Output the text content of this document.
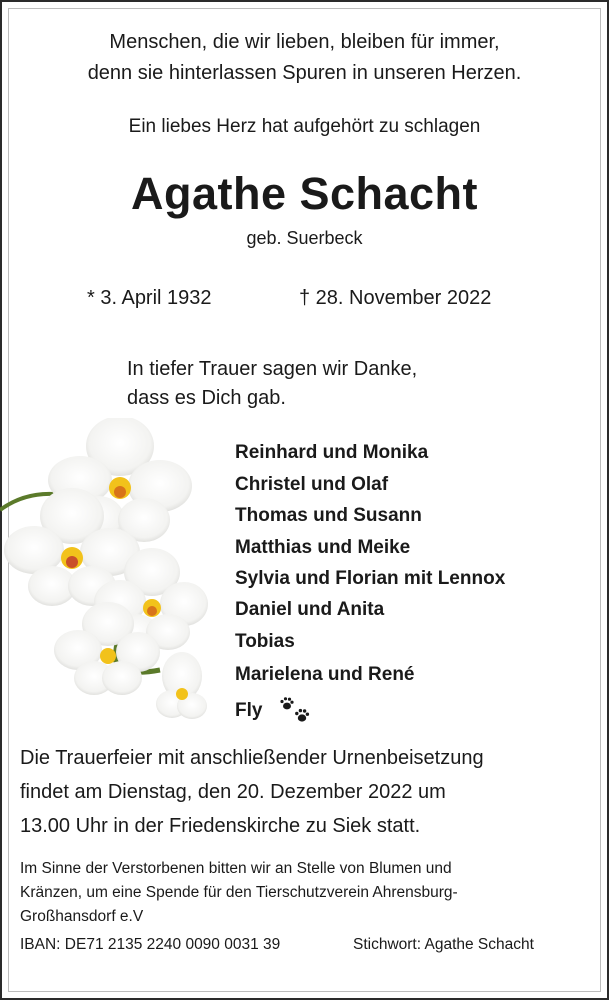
Menschen, die wir lieben, bleiben für immer,
denn sie hinterlassen Spuren in unseren Herzen.
Ein liebes Herz hat aufgehört zu schlagen
Agathe Schacht
geb. Suerbeck
* 3. April 1932	† 28. November 2022
In tiefer Trauer sagen wir Danke,
dass es Dich gab.
Reinhard und Monika
Christel und Olaf
Thomas und Susann
Matthias und Meike
Sylvia und Florian mit Lennox
Daniel und Anita
Tobias
Marielena und René
Fly
Die Trauerfeier mit anschließender Urnenbeisetzung
findet am Dienstag, den 20. Dezember 2022 um
13.00 Uhr in der Friedenskirche zu Siek statt.
Im Sinne der Verstorbenen bitten wir an Stelle von Blumen und
Kränzen, um eine Spende für den Tierschutzverein Ahrensburg-
Großhansdorf e.V
IBAN: DE71 2135 2240 0090 0031 39	Stichwort: Agathe Schacht
